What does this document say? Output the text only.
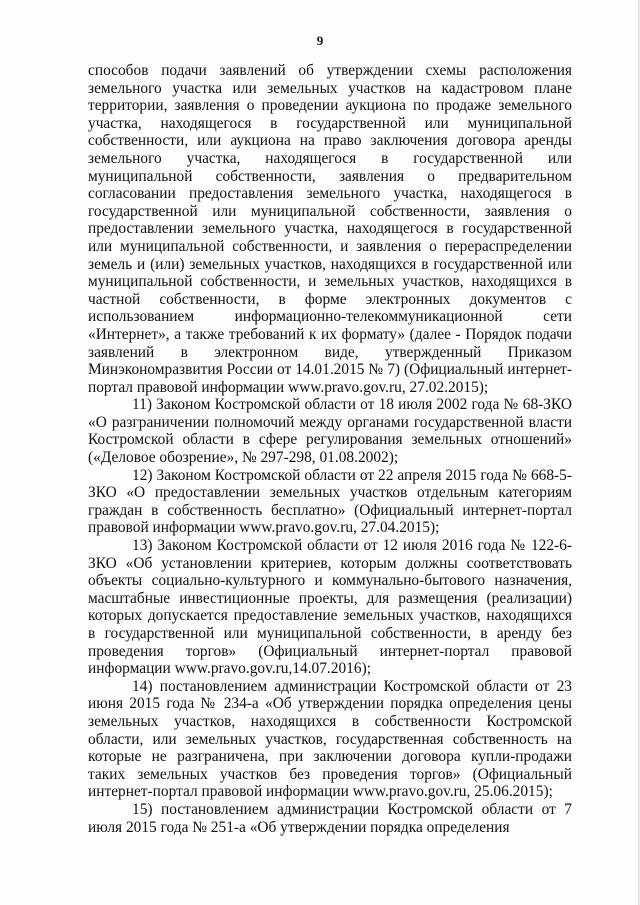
9

способов подачи заявлений об утверждении схемы расположения земельного участка или земельных участков на кадастровом плане территории, заявления о проведении аукциона по продаже земельного участка, находящегося в государственной или муниципальной собственности, или аукциона на право заключения договора аренды земельного участка, находящегося в государственной или муниципальной собственности, заявления о предварительном согласовании предоставления земельного участка, находящегося в государственной или муниципальной собственности, заявления о предоставлении земельного участка, находящегося в государственной или муниципальной собственности, и заявления о перераспределении земель и (или) земельных участков, находящихся в государственной или муниципальной собственности, и земельных участков, находящихся в частной собственности, в форме электронных документов с использованием информационно-телекоммуникационной сети «Интернет», а также требований к их формату» (далее - Порядок подачи заявлений в электронном виде, утвержденный Приказом Минэкономразвития России от 14.01.2015 № 7) (Официальный интернет-портал правовой информации www.pravo.gov.ru, 27.02.2015);

11) Законом Костромской области от 18 июля 2002 года № 68-ЗКО «О разграничении полномочий между органами государственной власти Костромской области в сфере регулирования земельных отношений» («Деловое обозрение», № 297-298, 01.08.2002);

12) Законом Костромской области от 22 апреля 2015 года № 668-5-ЗКО «О предоставлении земельных участков отдельным категориям граждан в собственность бесплатно» (Официальный интернет-портал правовой информации www.pravo.gov.ru, 27.04.2015);

13) Законом Костромской области от 12 июля 2016 года № 122-6-ЗКО «Об установлении критериев, которым должны соответствовать объекты социально-культурного и коммунально-бытового назначения, масштабные инвестиционные проекты, для размещения (реализации) которых допускается предоставление земельных участков, находящихся в государственной или муниципальной собственности, в аренду без проведения торгов» (Официальный интернет-портал правовой информации www.pravo.gov.ru,14.07.2016);

14) постановлением администрации Костромской области от 23 июня 2015 года № 234-а «Об утверждении порядка определения цены земельных участков, находящихся в собственности Костромской области, или земельных участков, государственная собственность на которые не разграничена, при заключении договора купли-продажи таких земельных участков без проведения торгов» (Официальный интернет-портал правовой информации www.pravo.gov.ru, 25.06.2015);

15) постановлением администрации Костромской области от 7 июля 2015 года № 251-а «Об утверждении порядка определения
